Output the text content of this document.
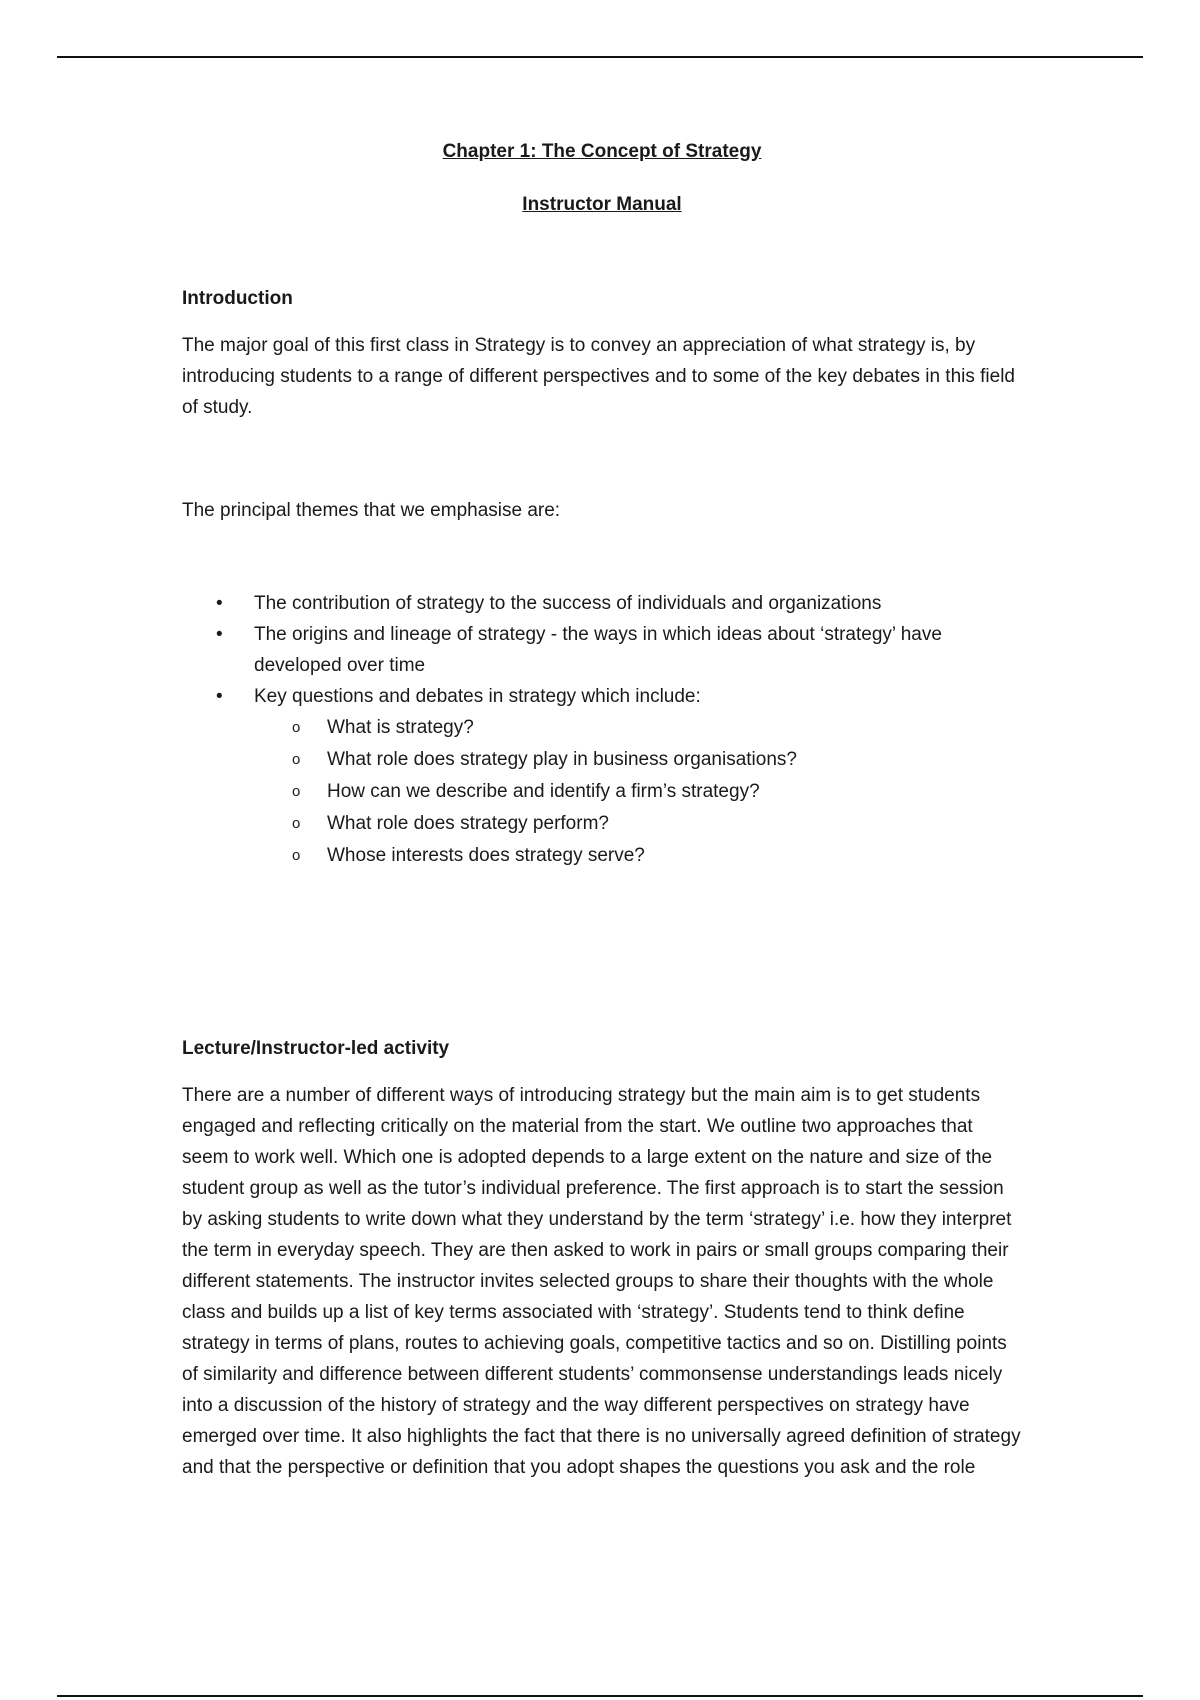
Chapter 1: The Concept of Strategy

Instructor Manual

Introduction

The major goal of this first class in Strategy is to convey an appreciation of what strategy is, by introducing students to a range of different perspectives and to some of the key debates in this field of study.

The principal themes that we emphasise are:

• The contribution of strategy to the success of individuals and organizations
• The origins and lineage of strategy - the ways in which ideas about ‘strategy’ have developed over time
• Key questions and debates in strategy which include:
o What is strategy?
o What role does strategy play in business organisations?
o How can we describe and identify a firm’s strategy?
o What role does strategy perform?
o Whose interests does strategy serve?

Lecture/Instructor-led activity

There are a number of different ways of introducing strategy but the main aim is to get students engaged and reflecting critically on the material from the start. We outline two approaches that seem to work well. Which one is adopted depends to a large extent on the nature and size of the student group as well as the tutor’s individual preference. The first approach is to start the session by asking students to write down what they understand by the term ‘strategy’ i.e. how they interpret the term in everyday speech. They are then asked to work in pairs or small groups comparing their different statements. The instructor invites selected groups to share their thoughts with the whole class and builds up a list of key terms associated with ‘strategy’. Students tend to think define strategy in terms of plans, routes to achieving goals, competitive tactics and so on. Distilling points of similarity and difference between different students’ commonsense understandings leads nicely into a discussion of the history of strategy and the way different perspectives on strategy have emerged over time. It also highlights the fact that there is no universally agreed definition of strategy and that the perspective or definition that you adopt shapes the questions you ask and the role
